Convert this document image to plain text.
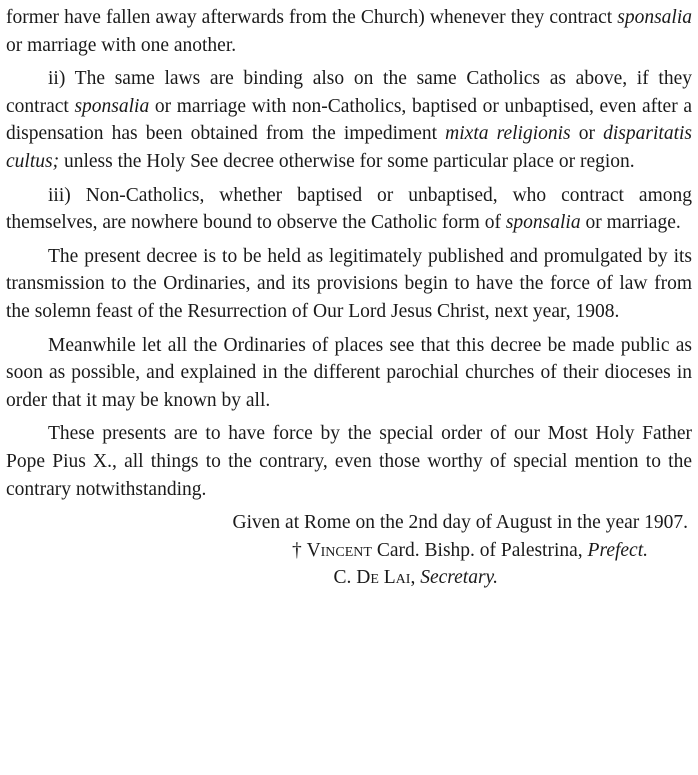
former have fallen away afterwards from the Church) whenever they contract sponsalia or marriage with one another.

ii) The same laws are binding also on the same Catholics as above, if they contract sponsalia or marriage with non-Catholics, baptised or unbaptised, even after a dispensation has been obtained from the impediment mixta religionis or disparitatis cultus; unless the Holy See decree otherwise for some particular place or region.

iii) Non-Catholics, whether baptised or unbaptised, who contract among themselves, are nowhere bound to observe the Catholic form of sponsalia or marriage.

The present decree is to be held as legitimately published and promulgated by its transmission to the Ordinaries, and its provisions begin to have the force of law from the solemn feast of the Resurrection of Our Lord Jesus Christ, next year, 1908.

Meanwhile let all the Ordinaries of places see that this decree be made public as soon as possible, and explained in the different parochial churches of their dioceses in order that it may be known by all.

These presents are to have force by the special order of our Most Holy Father Pope Pius X., all things to the contrary, even those worthy of special mention to the contrary notwithstanding.

Given at Rome on the 2nd day of August in the year 1907.

† Vincent Card. Bishp. of Palestrina, Prefect.

C. De Lai, Secretary.
